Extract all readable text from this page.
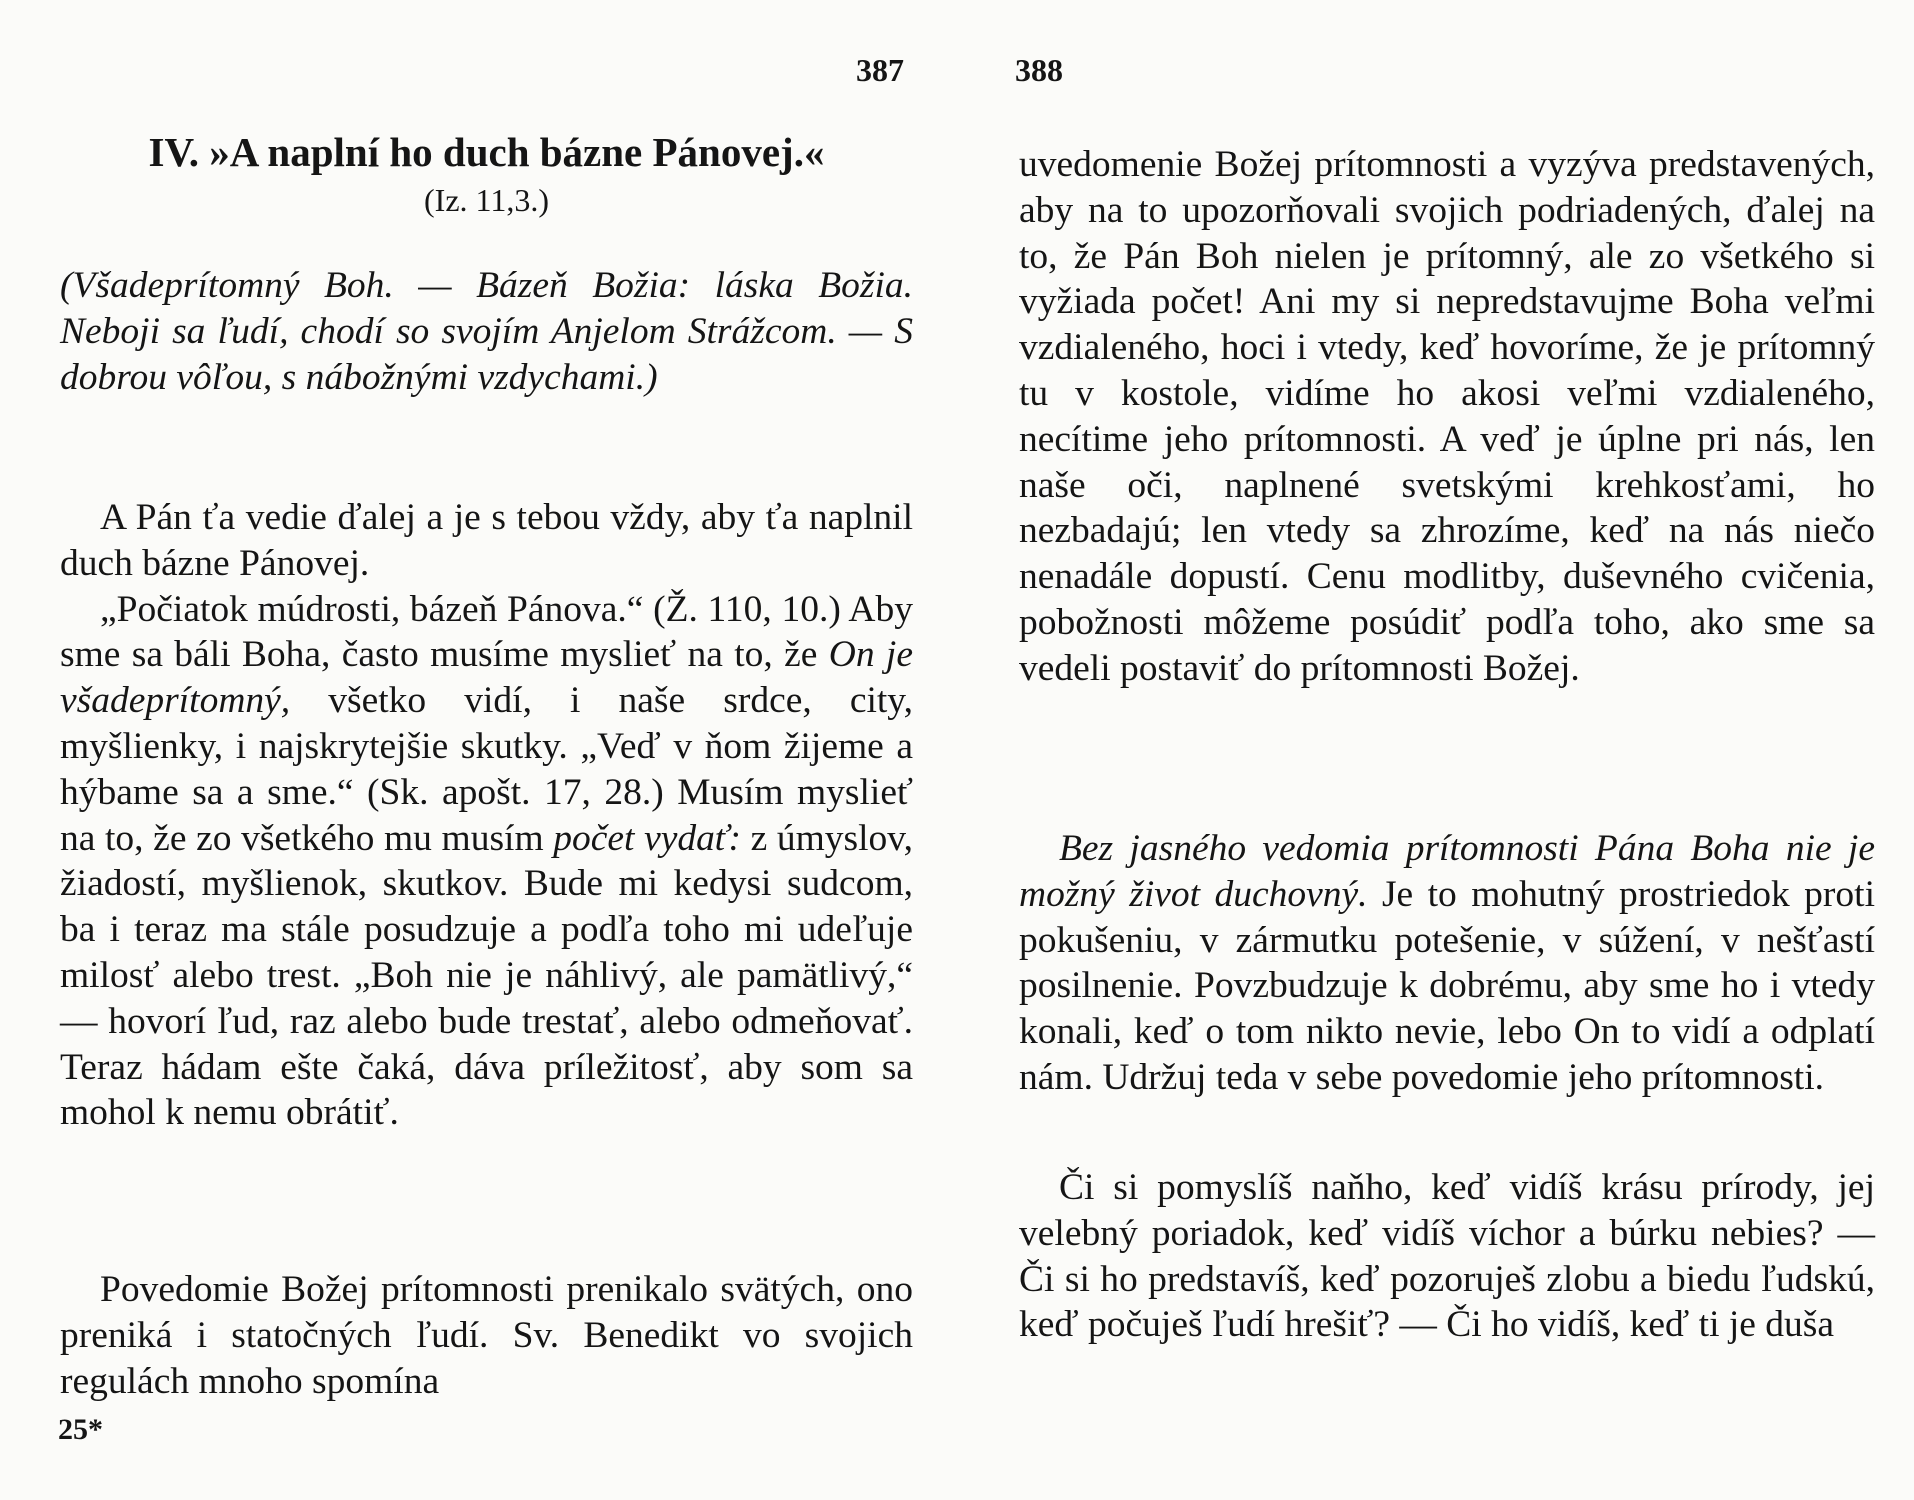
387
IV. »A naplní ho duch bázne Pánovej.«
(Iz. 11,3.)

(Všadeprítomný Boh. — Bázeň Božia: láska Božia. Neboji sa ľudí, chodí so svojím Anjelom Strážcom. — S dobrou vôľou, s nábožnými vzdychami.)

A Pán ťa vedie ďalej a je s tebou vždy, aby ťa naplnil duch bázne Pánovej.

„Počiatok múdrosti, bázeň Pánova.“ (Ž. 110, 10.) Aby sme sa báli Boha, často musíme myslieť na to, že On je všadeprítomný, všetko vidí, i naše srdce, city, myšlienky, i najskrytejšie skutky. „Veď v ňom žijeme a hýbame sa a sme.“ (Sk. apošt. 17, 28.) Musím myslieť na to, že zo všetkého mu musím počet vydať: z úmyslov, žiadostí, myšlienok, skutkov. Bude mi kedysi sudcom, ba i teraz ma stále posudzuje a podľa toho mi udeľuje milosť alebo trest. „Boh nie je náhlivý, ale pamätlivý,“ — hovorí ľud, raz alebo bude trestať, alebo odmeňovať. Teraz hádam ešte čaká, dáva príležitosť, aby som sa mohol k nemu obrátiť.

Povedomie Božej prítomnosti prenikalo svätých, ono preniká i statočných ľudí. Sv. Benedikt vo svojich regulách mnoho spomína

25*
388

uvedomenie Božej prítomnosti a vyzýva predstavených, aby na to upozorňovali svojich podriadených, ďalej na to, že Pán Boh nielen je prítomný, ale zo všetkého si vyžiada počet! Ani my si nepredstavujme Boha veľmi vzdialeného, hoci i vtedy, keď hovoríme, že je prítomný tu v kostole, vidíme ho akosi veľmi vzdialeného, necítime jeho prítomnosti. A veď je úplne pri nás, len naše oči, naplnené svetskými krehkosťami, ho nezbadajú; len vtedy sa zhrozíme, keď na nás niečo nenadále dopustí. Cenu modlitby, duševného cvičenia, pobožnosti môžeme posúdiť podľa toho, ako sme sa vedeli postaviť do prítomnosti Božej.

Bez jasného vedomia prítomnosti Pána Boha nie je možný život duchovný. Je to mohutný prostriedok proti pokušeniu, v zármutku potešenie, v súžení, v nešťastí posilnenie. Povzbudzuje k dobrému, aby sme ho i vtedy konali, keď o tom nikto nevie, lebo On to vidí a odplatí nám. Udržuj teda v sebe povedomie jeho prítomnosti.

Či si pomyslíš naňho, keď vidíš krásu prírody, jej velebný poriadok, keď vidíš víchor a búrku nebies? — Či si ho predstavíš, keď pozoruješ zlobu a biedu ľudskú, keď počuješ ľudí hrešiť? — Či ho vidíš, keď ti je duša
